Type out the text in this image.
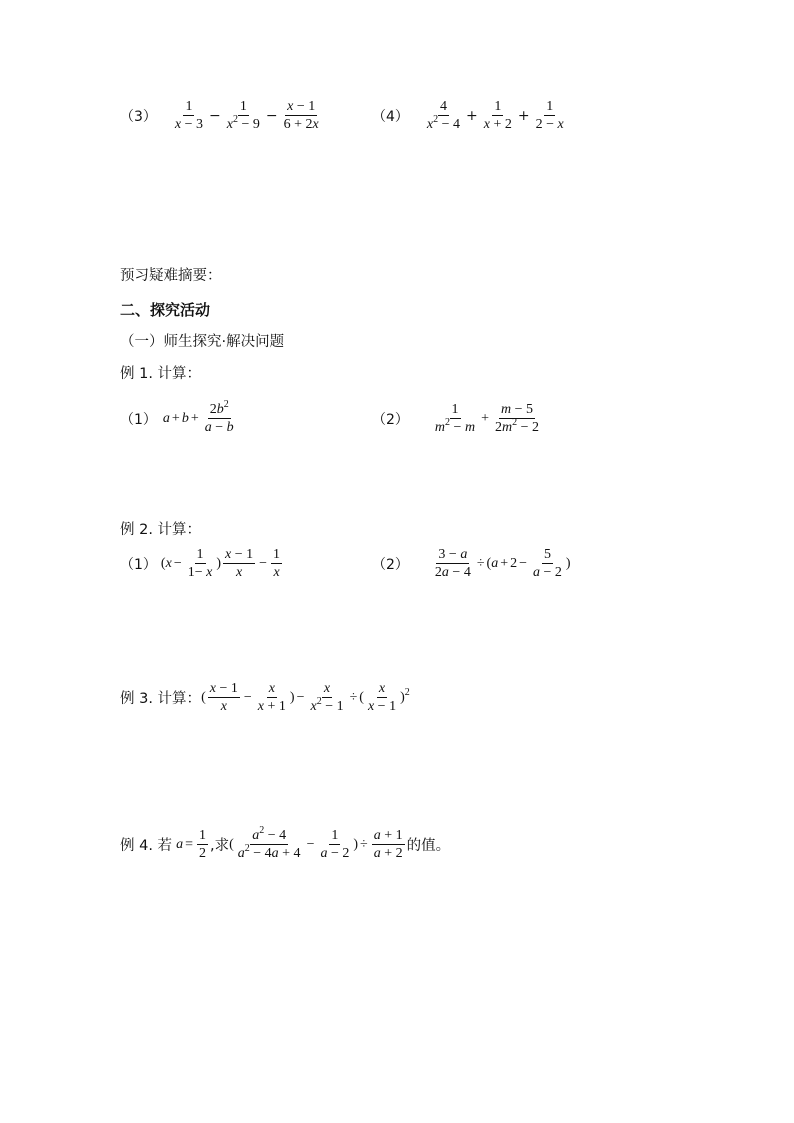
$(3) \frac{1}{x - 3} - \frac{1}{x^2 - 9} - \frac{x - 1}{6 + 2x}$	$(4) \frac{4}{x^2 - 4} + \frac{1}{x + 2} + \frac{1}{2 - x}$
预习疑难摘要：
二、探究活动
（一）师生探究·解决问题
例 1. 计算：
（1） $a + b + \frac{2b^2}{a - b}$	$(2) \frac{1}{m^2 - m} + \frac{m - 5}{2m^2 - 2}$
例 2. 计算：
（1） ( $x - \frac{1}{1- x}$ ) $\frac{x - 1}{x} - \frac{1}{x}$	$(2) \frac{3 - a}{2a - 4}$ ÷ ( $a + 2 - \frac{5}{a - 2}$ )
例 3. 计算： ( $\frac{x - 1}{x} - \frac{x}{x + 1}$ ) − $\frac{x}{x^2 - 1}$ ÷ ( $\frac{x}{x - 1} )^2$
例 4. 若 $a = \frac{1}{2}$ ,求 ( $\frac{a^2 - 4}{a^2 - 4a + 4} - \frac{1}{a - 2}$ ) ÷ $\frac{a + 1}{a + 2}$ 的值。
